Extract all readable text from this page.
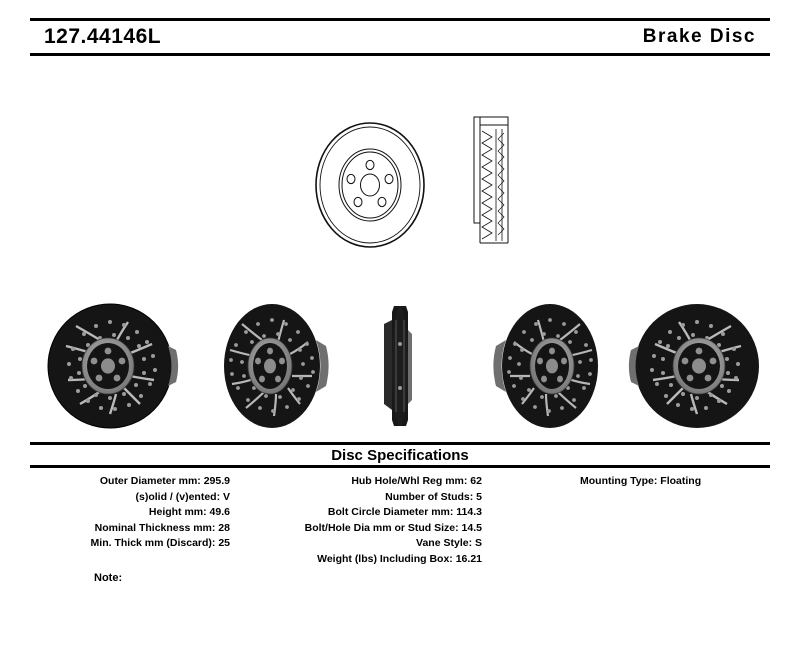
127.44146L	Brake Disc
Disc Specifications
Outer Diameter mm: 295.9
(s)olid / (v)ented: V
Height mm: 49.6
Nominal Thickness mm: 28
Min. Thick mm (Discard): 25
Hub Hole/Whl Reg mm: 62
Number of Studs: 5
Bolt Circle Diameter mm: 114.3
Bolt/Hole Dia mm or Stud Size: 14.5
Vane Style: S
Weight (lbs) Including Box: 16.21
Mounting Type: Floating
Note:
